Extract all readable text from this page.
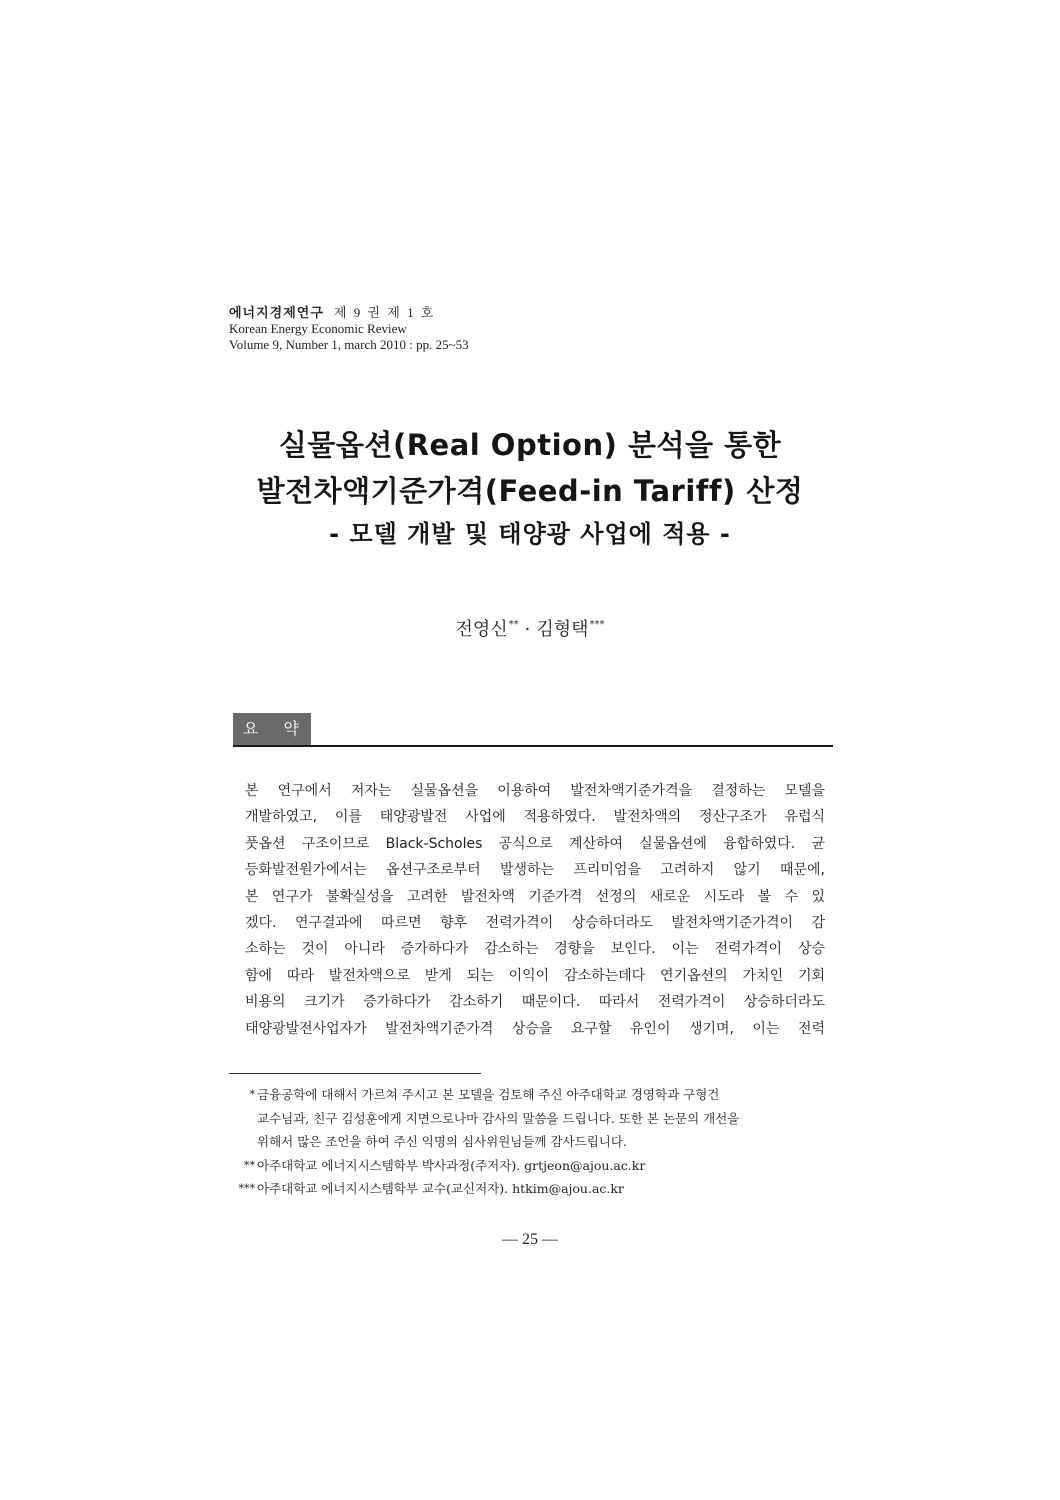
에너지경제연구 제 9 권 제 1 호
Korean Energy Economic Review
Volume 9, Number 1, march 2010 : pp. 25~53
실물옵션(Real Option) 분석을 통한
발전차액기준가격(Feed-in Tariff) 산정
- 모델 개발 및 태양광 사업에 적용 -
전영신** · 김형택***
요 약
본 연구에서 저자는 실물옵션을 이용하여 발전차액기준가격을 결정하는 모델을
개발하였고, 이를 태양광발전 사업에 적용하였다. 발전차액의 정산구조가 유럽식
풋옵션 구조이므로 Black-Scholes 공식으로 계산하여 실물옵션에 융합하였다. 균
등화발전원가에서는 옵션구조로부터 발생하는 프리미엄을 고려하지 않기 때문에,
본 연구가 불확실성을 고려한 발전차액 기준가격 선정의 새로운 시도라 볼 수 있
겠다. 연구결과에 따르면 향후 전력가격이 상승하더라도 발전차액기준가격이 감
소하는 것이 아니라 증가하다가 감소하는 경향을 보인다. 이는 전력가격이 상승
함에 따라 발전차액으로 받게 되는 이익이 감소하는데다 연기옵션의 가치인 기회
비용의 크기가 증가하다가 감소하기 때문이다. 따라서 전력가격이 상승하더라도
태양광발전사업자가 발전차액기준가격 상승을 요구할 유인이 생기며, 이는 전력
* 금융공학에 대해서 가르쳐 주시고 본 모델을 검토해 주신 아주대학교 경영학과 구형건
교수님과, 친구 김성훈에게 지면으로나마 감사의 말씀을 드립니다. 또한 본 논문의 개선을
위해서 많은 조언을 하여 주신 익명의 심사위원님들께 감사드립니다.
** 아주대학교 에너지시스템학부 박사과정(주저자). grtjeon@ajou.ac.kr
*** 아주대학교 에너지시스템학부 교수(교신저자). htkim@ajou.ac.kr
― 25 ―
